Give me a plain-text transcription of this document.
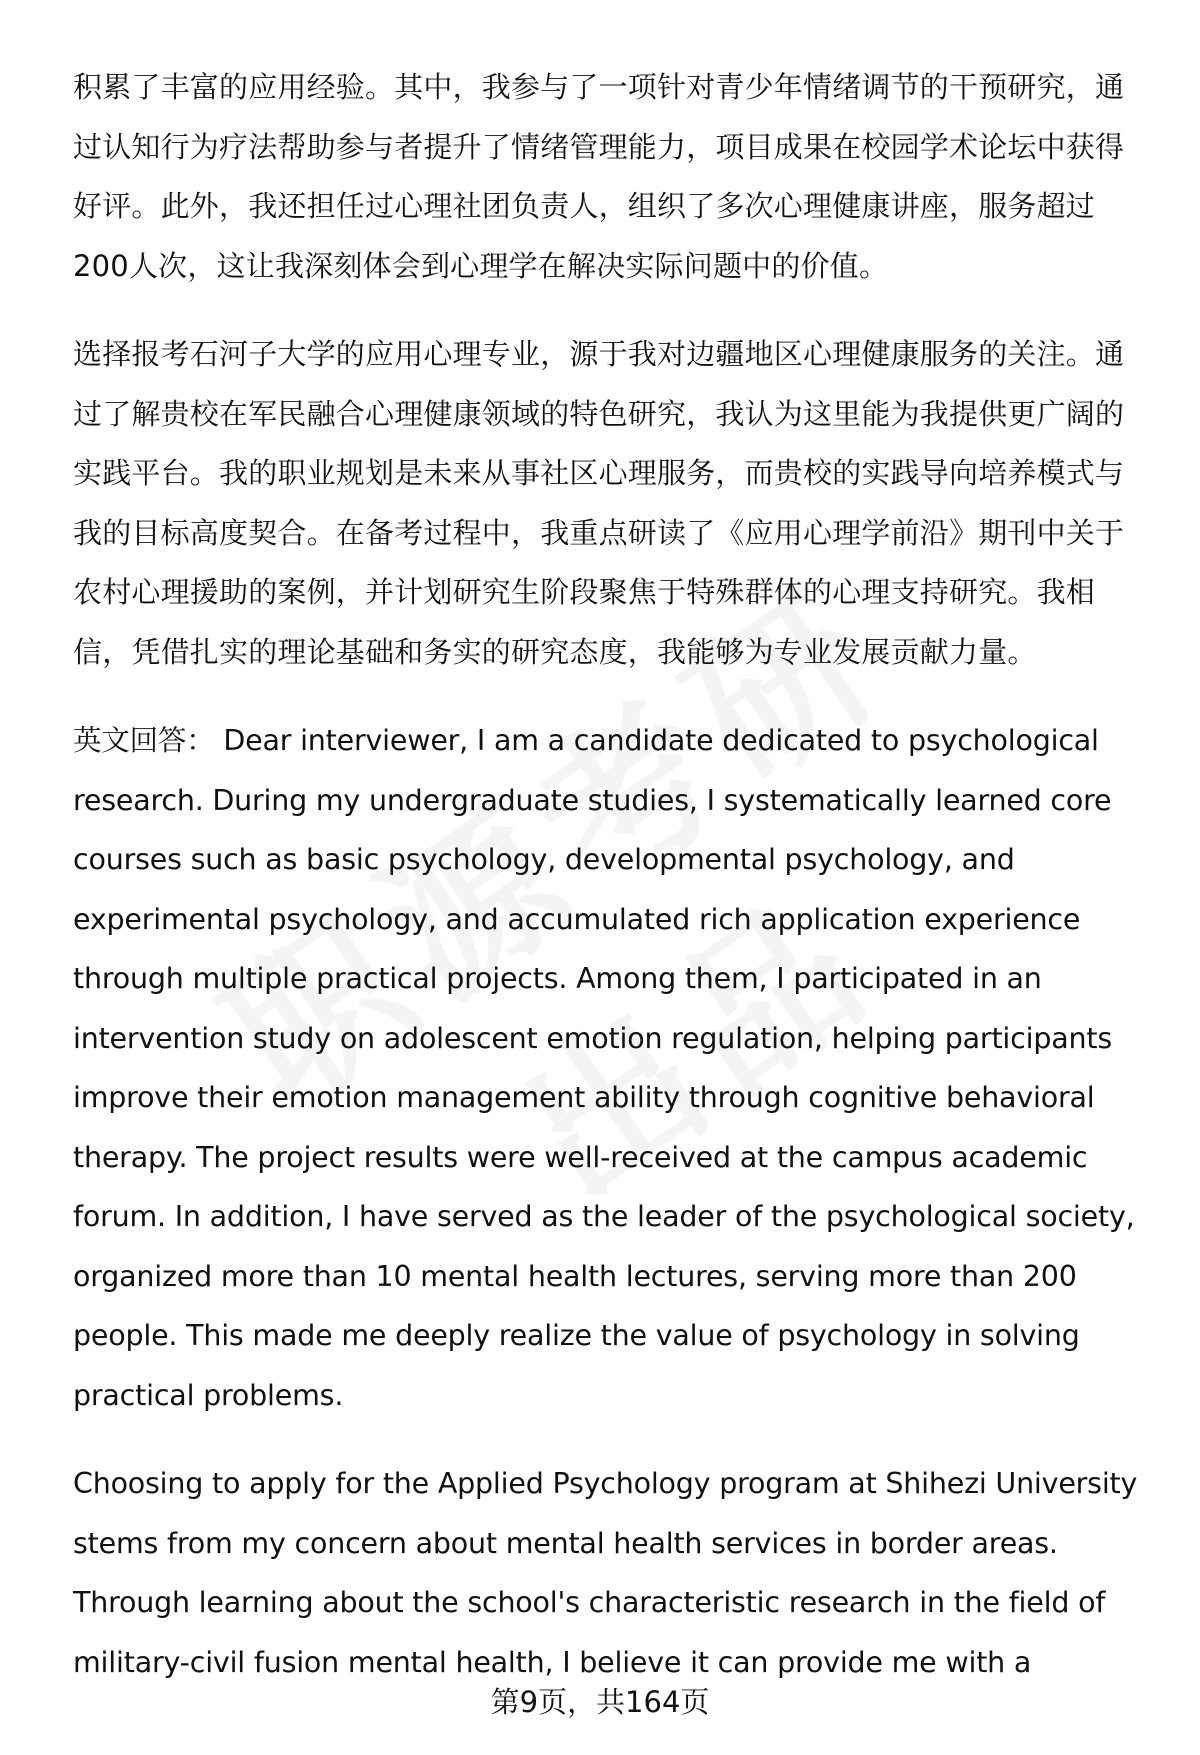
积累了丰富的应用经验。其中，我参与了一项针对青少年情绪调节的干预研究，通
过认知行为疗法帮助参与者提升了情绪管理能力，项目成果在校园学术论坛中获得
好评。此外，我还担任过心理社团负责人，组织了多次心理健康讲座，服务超过
200人次，这让我深刻体会到心理学在解决实际问题中的价值。

选择报考石河子大学的应用心理专业，源于我对边疆地区心理健康服务的关注。通
过了解贵校在军民融合心理健康领域的特色研究，我认为这里能为我提供更广阔的
实践平台。我的职业规划是未来从事社区心理服务，而贵校的实践导向培养模式与
我的目标高度契合。在备考过程中，我重点研读了《应用心理学前沿》期刊中关于
农村心理援助的案例，并计划研究生阶段聚焦于特殊群体的心理支持研究。我相
信，凭借扎实的理论基础和务实的研究态度，我能够为专业发展贡献力量。

英文回答： Dear interviewer, I am a candidate dedicated to psychological
research. During my undergraduate studies, I systematically learned core
courses such as basic psychology, developmental psychology, and
experimental psychology, and accumulated rich application experience
through multiple practical projects. Among them, I participated in an
intervention study on adolescent emotion regulation, helping participants
improve their emotion management ability through cognitive behavioral
therapy. The project results were well-received at the campus academic
forum. In addition, I have served as the leader of the psychological society,
organized more than 10 mental health lectures, serving more than 200
people. This made me deeply realize the value of psychology in solving
practical problems.

Choosing to apply for the Applied Psychology program at Shihezi University
stems from my concern about mental health services in border areas.
Through learning about the school's characteristic research in the field of
military-civil fusion mental health, I believe it can provide me with a

第9页，共164页
